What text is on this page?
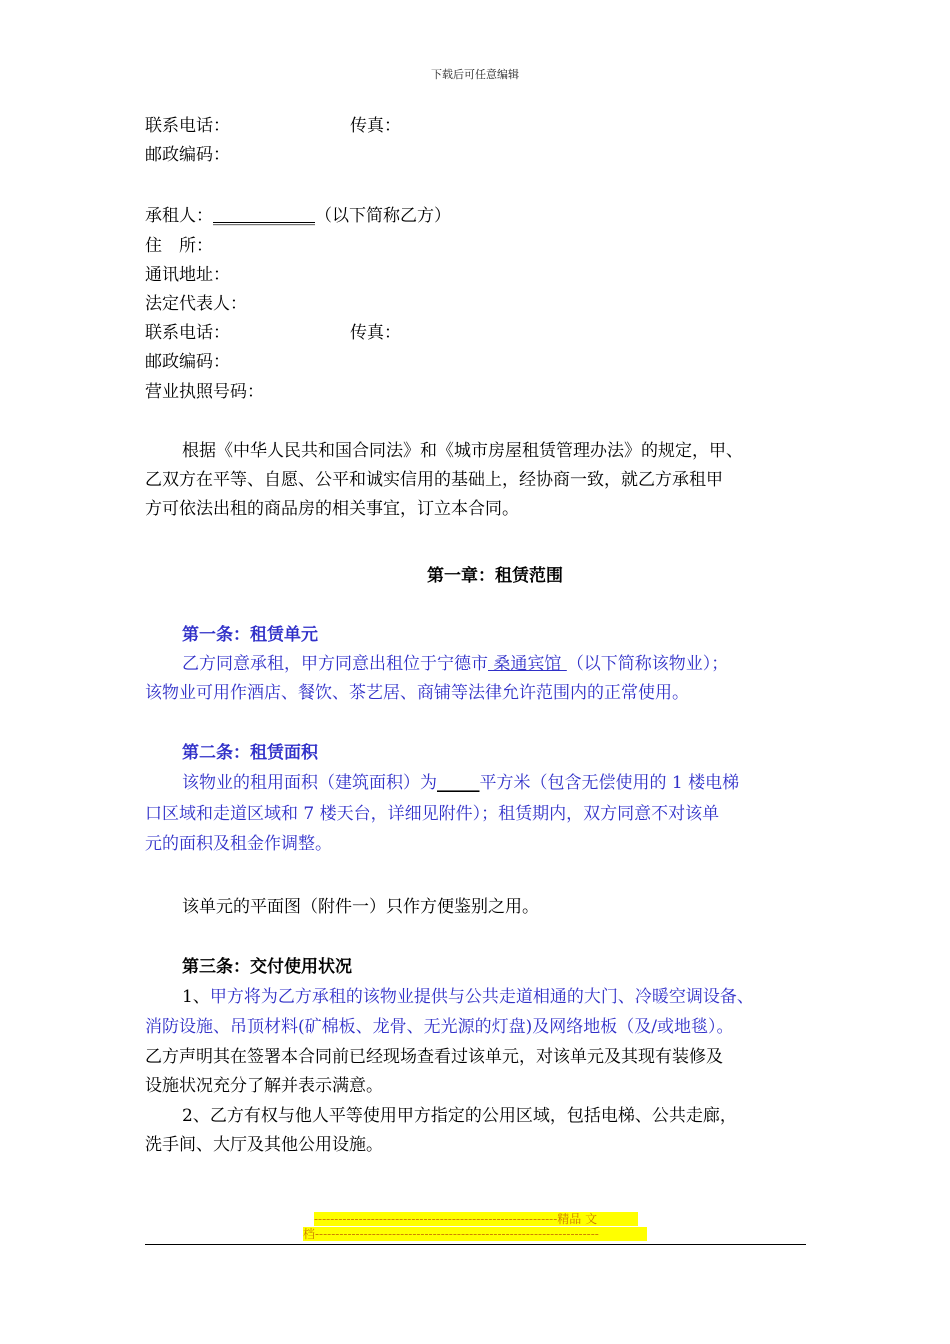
下载后可任意编辑
联系电话：	传真：
邮政编码：
承租人：____________（以下简称乙方）
住　所：
通讯地址：
法定代表人：
联系电话：	传真：
邮政编码：
营业执照号码：
根据《中华人民共和国合同法》和《城市房屋租赁管理办法》的规定，甲、
乙双方在平等、自愿、公平和诚实信用的基础上，经协商一致，就乙方承租甲
方可依法出租的商品房的相关事宜，订立本合同。
第一章：租赁范围
第一条：租赁单元
乙方同意承租，甲方同意出租位于宁德市 桑通宾馆 （以下简称该物业）；
该物业可用作酒店、餐饮、茶艺居、商铺等法律允许范围内的正常使用。
第二条：租赁面积
该物业的租用面积（建筑面积）为_____平方米（包含无偿使用的 1 楼电梯
口区域和走道区域和 7 楼天台，详细见附件）；租赁期内，双方同意不对该单
元的面积及租金作调整。
该单元的平面图（附件一）只作方便鉴别之用。
第三条：交付使用状况
1、甲方将为乙方承租的该物业提供与公共走道相通的大门、冷暖空调设备、
消防设施、吊顶材料(矿棉板、龙骨、无光源的灯盘)及网络地板（及/或地毯）。
乙方声明其在签署本合同前已经现场查看过该单元，对该单元及其现有装修及
设施状况充分了解并表示满意。
2、乙方有权与他人平等使用甲方指定的公用区域，包括电梯、公共走廊，
洗手间、大厅及其他公用设施。
------------------------------------------------------------精品 文
档----------------------------------------------------------------------
